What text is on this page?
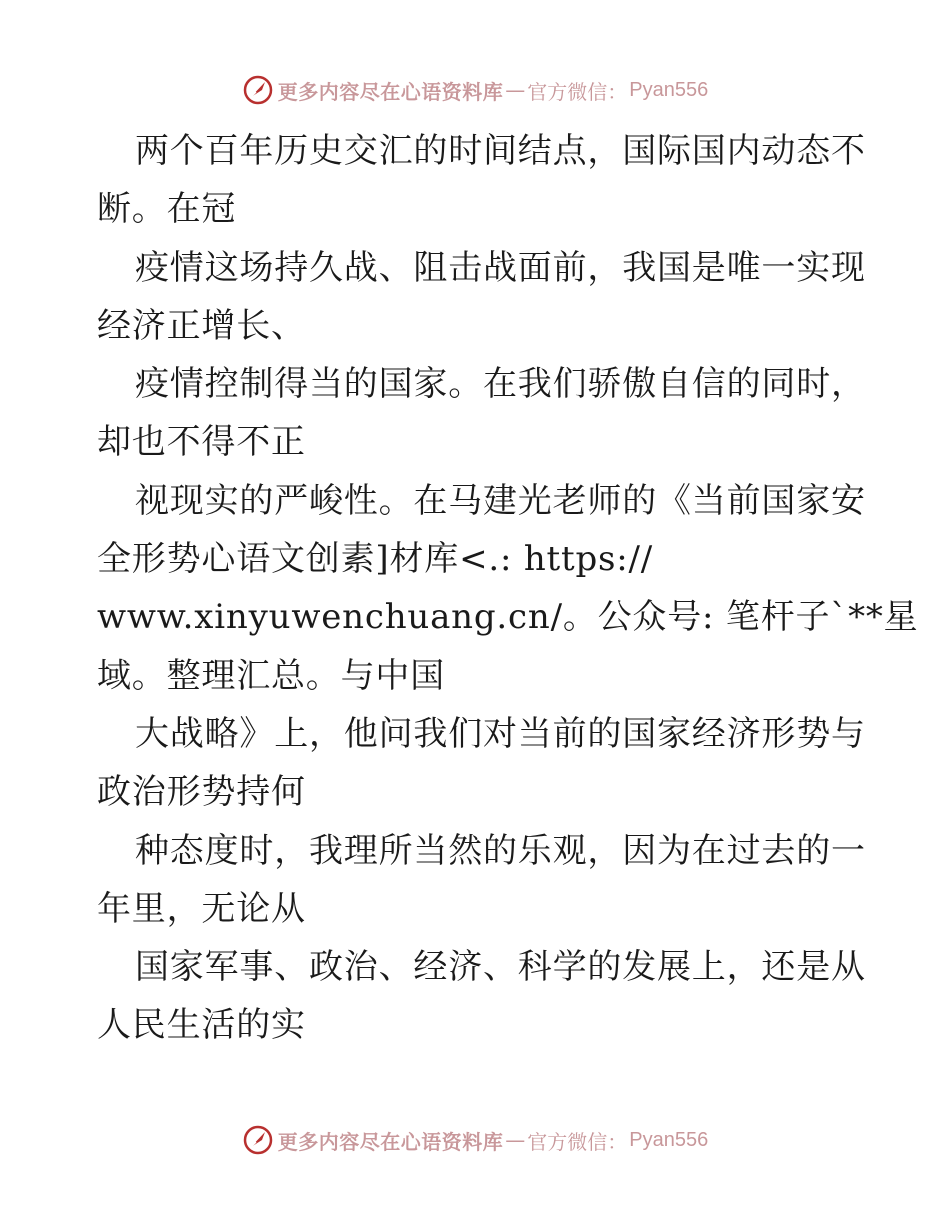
更多内容尽在心语资料库 — 官方微信： Pyan556
两个百年历史交汇的时间结点，国际国内动态不
断。在冠
疫情这场持久战、阻击战面前，我国是唯一实现
经济正增长、
疫情控制得当的国家。在我们骄傲自信的同时，
却也不得不正
视现实的严峻性。在马建光老师的《当前国家安
全形势心语文创素]材库<.: https://
www.xinyuwenchuang.cn/。公众号: 笔杆子`**星
域。整理汇总。与中国
大战略》上，他问我们对当前的国家经济形势与
政治形势持何
种态度时，我理所当然的乐观，因为在过去的一
年里，无论从
国家军事、政治、经济、科学的发展上，还是从
人民生活的实
更多内容尽在心语资料库 — 官方微信： Pyan556
